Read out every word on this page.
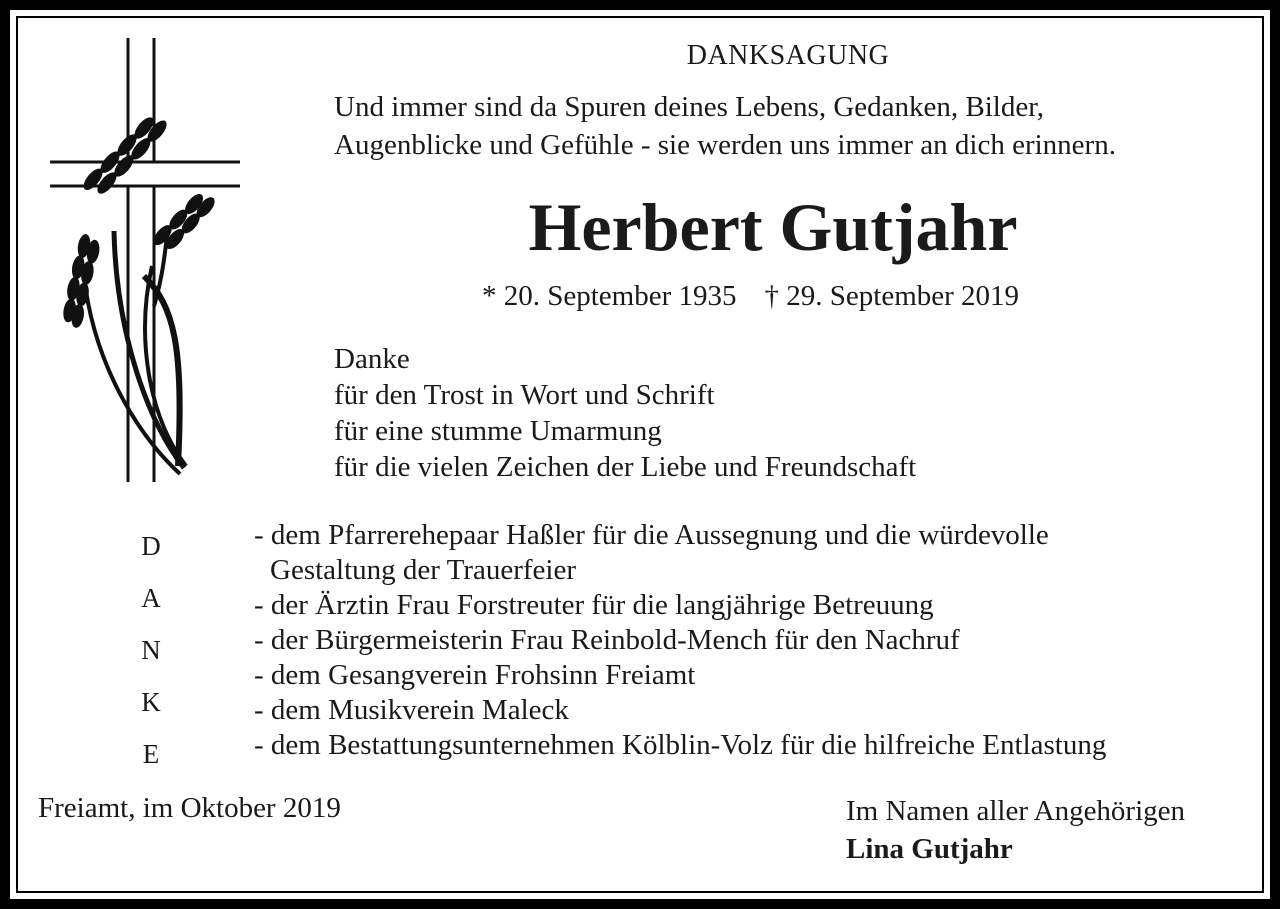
DANKSAGUNG
Und immer sind da Spuren deines Lebens, Gedanken, Bilder,
Augenblicke und Gefühle - sie werden uns immer an dich erinnern.
Herbert Gutjahr
* 20. September 1935 † 29. September 2019
Danke
für den Trost in Wort und Schrift
für eine stumme Umarmung
für die vielen Zeichen der Liebe und Freundschaft
D
A
N
K
E
- dem Pfarrerehepaar Haßler für die Aussegnung und die würdevolle
Gestaltung der Trauerfeier
- der Ärztin Frau Forstreuter für die langjährige Betreuung
- der Bürgermeisterin Frau Reinbold-Mench für den Nachruf
- dem Gesangverein Frohsinn Freiamt
- dem Musikverein Maleck
- dem Bestattungsunternehmen Kölblin-Volz für die hilfreiche Entlastung
Freiamt, im Oktober 2019	Im Namen aller Angehörigen
Lina Gutjahr
